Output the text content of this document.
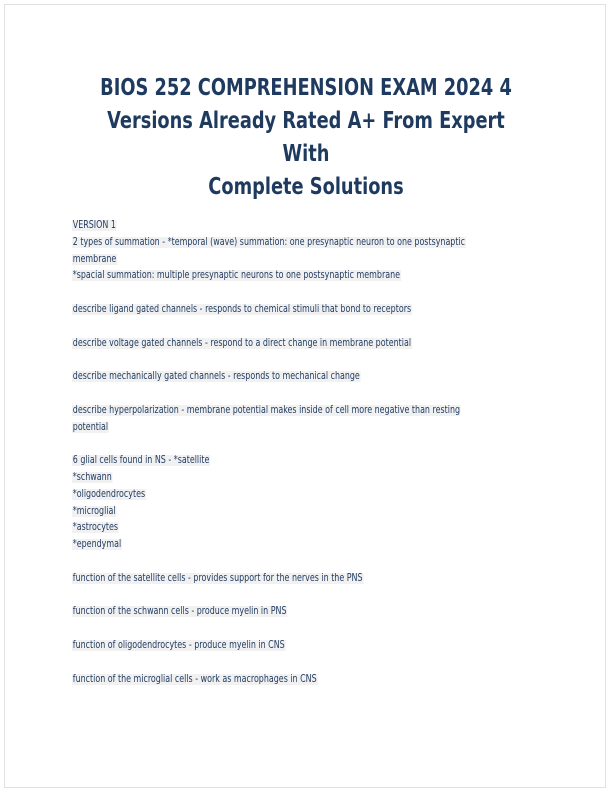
BIOS 252 COMPREHENSION EXAM 2024 4
Versions Already Rated A+ From Expert With
Complete Solutions
VERSION 1
2 types of summation - *temporal (wave) summation: one presynaptic neuron to one postsynaptic
membrane
*spacial summation: multiple presynaptic neurons to one postsynaptic membrane
describe ligand gated channels - responds to chemical stimuli that bond to receptors
describe voltage gated channels - respond to a direct change in membrane potential
describe mechanically gated channels - responds to mechanical change
describe hyperpolarization - membrane potential makes inside of cell more negative than resting
potential
6 glial cells found in NS - *satellite
*schwann
*oligodendrocytes
*microglial
*astrocytes
*ependymal
function of the satellite cells - provides support for the nerves in the PNS
function of the schwann cells - produce myelin in PNS
function of oligodendrocytes - produce myelin in CNS
function of the microglial cells - work as macrophages in CNS
